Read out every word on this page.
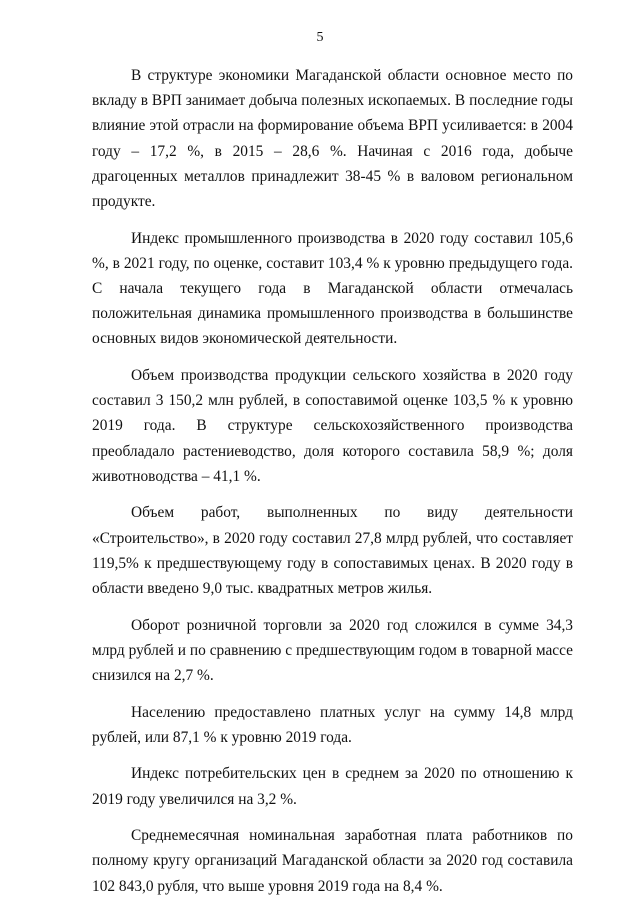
5

В структуре экономики Магаданской области основное место по вкладу в ВРП занимает добыча полезных ископаемых. В последние годы влияние этой отрасли на формирование объема ВРП усиливается: в 2004 году – 17,2 %, в 2015 – 28,6 %. Начиная с 2016 года, добыче драгоценных металлов принадлежит 38-45 % в валовом региональном продукте.

Индекс промышленного производства в 2020 году составил 105,6 %, в 2021 году, по оценке, составит 103,4 % к уровню предыдущего года. С начала текущего года в Магаданской области отмечалась положительная динамика промышленного производства в большинстве основных видов экономической деятельности.

Объем производства продукции сельского хозяйства в 2020 году составил 3 150,2 млн рублей, в сопоставимой оценке 103,5 % к уровню 2019 года. В структуре сельскохозяйственного производства преобладало растениеводство, доля которого составила 58,9 %; доля животноводства – 41,1 %.

Объем работ, выполненных по виду деятельности «Строительство», в 2020 году составил 27,8 млрд рублей, что составляет 119,5% к предшествующему году в сопоставимых ценах. В 2020 году в области введено 9,0 тыс. квадратных метров жилья.

Оборот розничной торговли за 2020 год сложился в сумме 34,3 млрд рублей и по сравнению с предшествующим годом в товарной массе снизился на 2,7 %.

Населению предоставлено платных услуг на сумму 14,8 млрд рублей, или 87,1 % к уровню 2019 года.

Индекс потребительских цен в среднем за 2020 по отношению к 2019 году увеличился на 3,2 %.

Среднемесячная номинальная заработная плата работников по полному кругу организаций Магаданской области за 2020 год составила 102 843,0 рубля, что выше уровня 2019 года на 8,4 %.
